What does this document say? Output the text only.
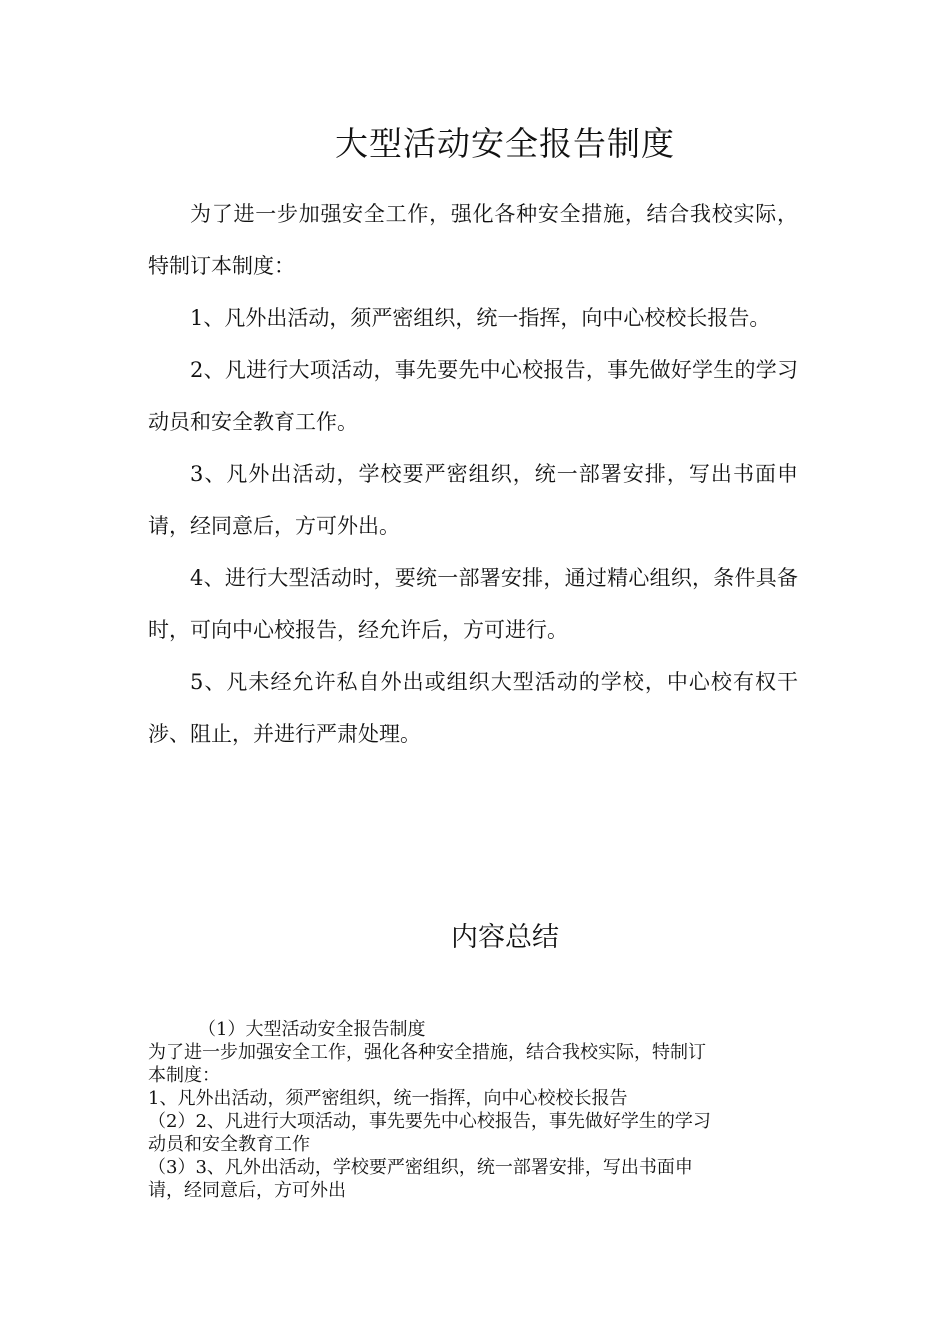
大型活动安全报告制度

为了进一步加强安全工作，强化各种安全措施，结合我校实际，特制订本制度：

1、凡外出活动，须严密组织，统一指挥，向中心校校长报告。

2、凡进行大项活动，事先要先中心校报告，事先做好学生的学习动员和安全教育工作。

3、凡外出活动，学校要严密组织，统一部署安排，写出书面申请，经同意后，方可外出。

4、进行大型活动时，要统一部署安排，通过精心组织，条件具备时，可向中心校报告，经允许后，方可进行。

5、凡未经允许私自外出或组织大型活动的学校，中心校有权干涉、阻止，并进行严肃处理。

内容总结

（1）大型活动安全报告制度

为了进一步加强安全工作，强化各种安全措施，结合我校实际，特制订

本制度：

1、凡外出活动，须严密组织，统一指挥，向中心校校长报告

（2）2、凡进行大项活动，事先要先中心校报告，事先做好学生的学习

动员和安全教育工作

（3）3、凡外出活动，学校要严密组织，统一部署安排，写出书面申

请，经同意后，方可外出
